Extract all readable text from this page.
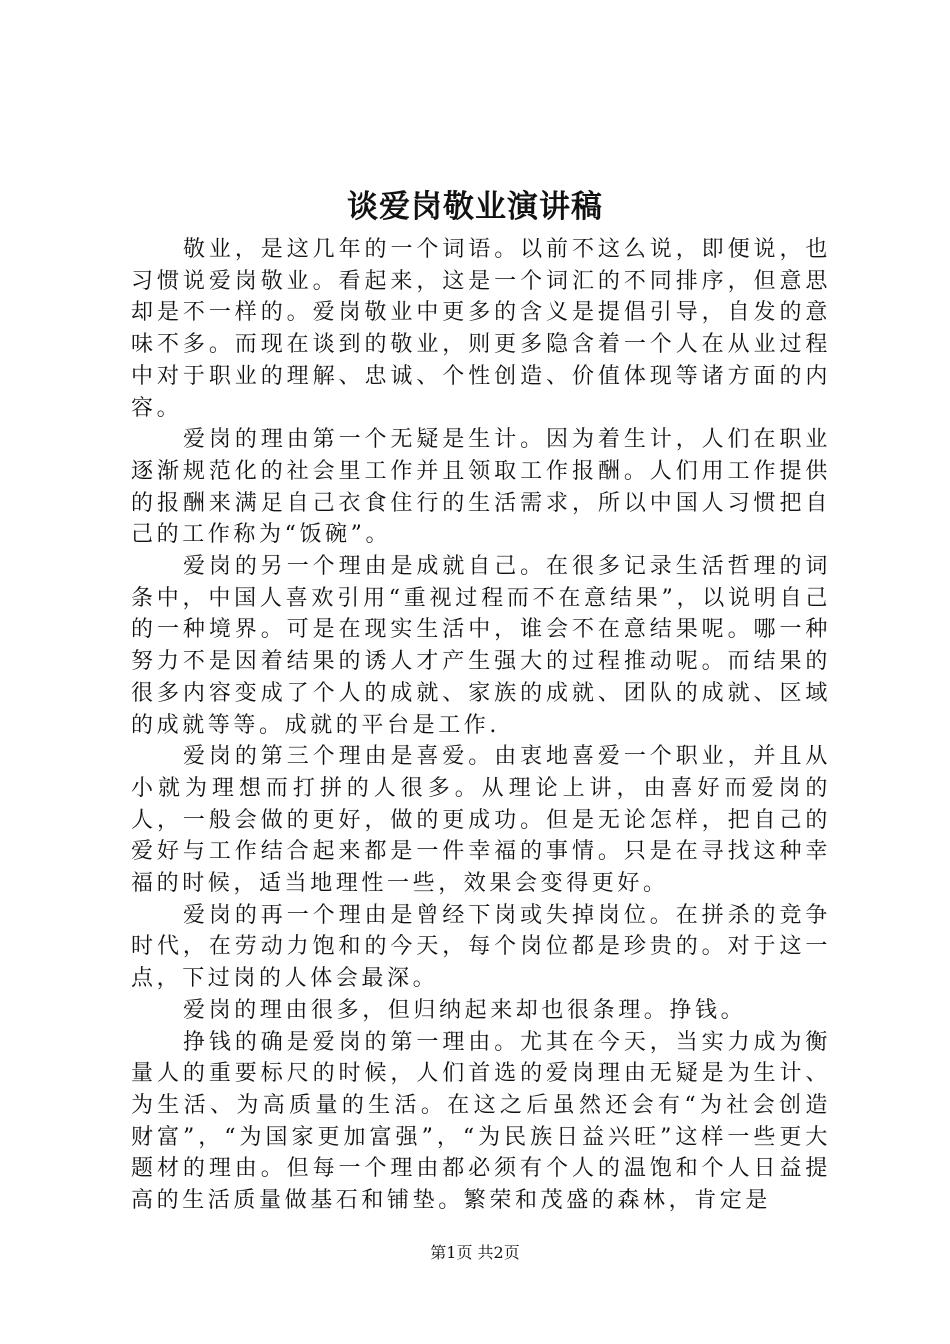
谈爱岗敬业演讲稿

敬业，是这几年的一个词语。以前不这么说，即便说，也习惯说爱岗敬业。看起来，这是一个词汇的不同排序，但意思却是不一样的。爱岗敬业中更多的含义是提倡引导，自发的意味不多。而现在谈到的敬业，则更多隐含着一个人在从业过程中对于职业的理解、忠诚、个性创造、价值体现等诸方面的内容。

爱岗的理由第一个无疑是生计。因为着生计，人们在职业逐渐规范化的社会里工作并且领取工作报酬。人们用工作提供的报酬来满足自己衣食住行的生活需求，所以中国人习惯把自己的工作称为“饭碗”。

爱岗的另一个理由是成就自己。在很多记录生活哲理的词条中，中国人喜欢引用“重视过程而不在意结果”，以说明自己的一种境界。可是在现实生活中，谁会不在意结果呢。哪一种努力不是因着结果的诱人才产生强大的过程推动呢。而结果的很多内容变成了个人的成就、家族的成就、团队的成就、区域的成就等等。成就的平台是工作.

爱岗的第三个理由是喜爱。由衷地喜爱一个职业，并且从小就为理想而打拼的人很多。从理论上讲，由喜好而爱岗的人，一般会做的更好，做的更成功。但是无论怎样，把自己的爱好与工作结合起来都是一件幸福的事情。只是在寻找这种幸福的时候，适当地理性一些，效果会变得更好。

爱岗的再一个理由是曾经下岗或失掉岗位。在拼杀的竞争时代，在劳动力饱和的今天，每个岗位都是珍贵的。对于这一点，下过岗的人体会最深。

爱岗的理由很多，但归纳起来却也很条理。挣钱。

挣钱的确是爱岗的第一理由。尤其在今天，当实力成为衡量人的重要标尺的时候，人们首选的爱岗理由无疑是为生计、为生活、为高质量的生活。在这之后虽然还会有“为社会创造财富”，“为国家更加富强”，“为民族日益兴旺”这样一些更大题材的理由。但每一个理由都必须有个人的温饱和个人日益提高的生活质量做基石和铺垫。繁荣和茂盛的森林，肯定是

第1页 共2页
